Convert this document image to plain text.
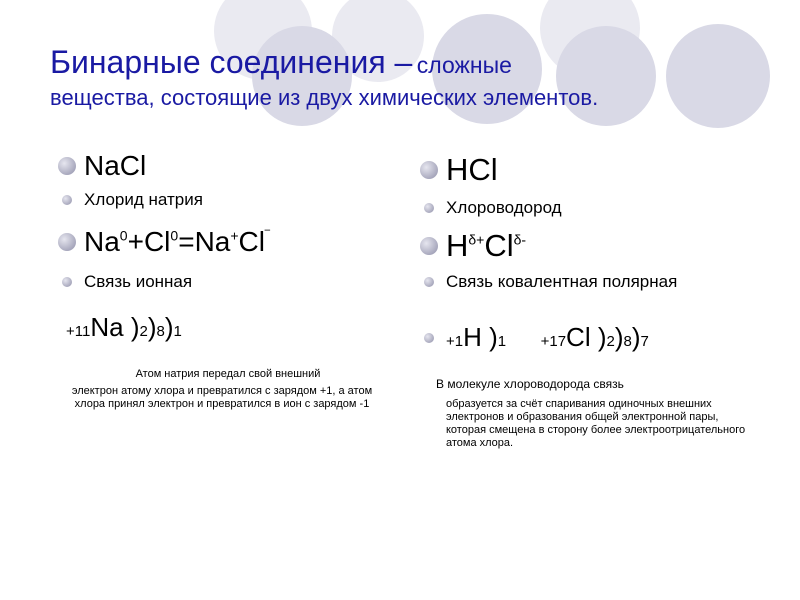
Бинарные соединения – сложные
вещества, состоящие из двух химических элементов.
NaCl
Хлорид натрия
$Na^0+Cl^0=Na^+Cl^‾$
Связь ионная
+11Na )2)8)1
Атом натрия передал свой внешний
электрон атому хлора и превратился с зарядом +1, а атом хлора принял электрон и превратился в ион с зарядом -1
HCl
Хлороводород
$H^{\delta+}Cl^{\delta-}$
Связь ковалентная полярная
+1H )1 +17Cl )2)8)7
В молекуле хлороводорода связь
образуется за счёт спаривания одиночных внешних электронов и образования общей электронной пары, которая смещена в сторону более электроотрицательного атома хлора.
